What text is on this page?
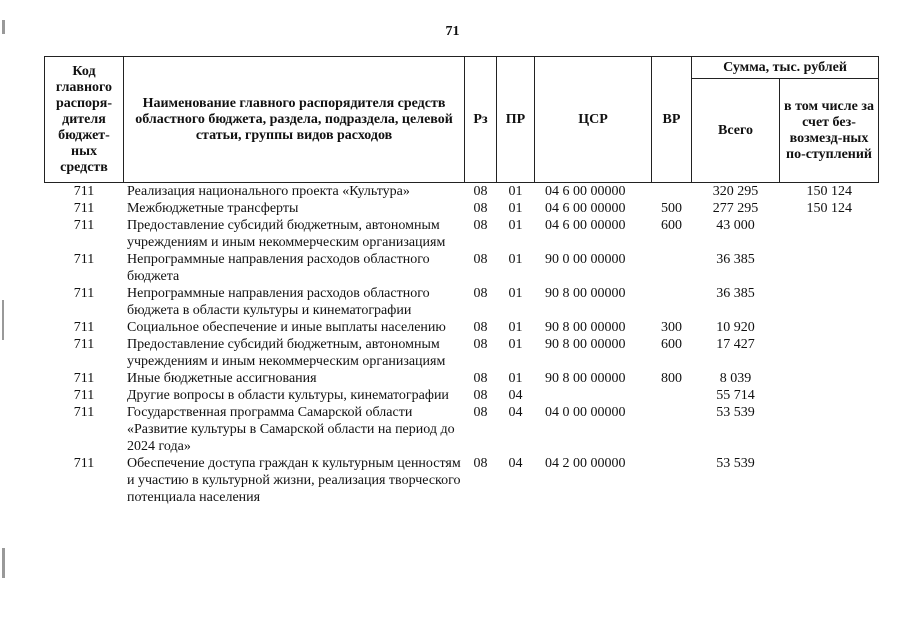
71
Код главного распоря-дителя бюджет-ных средств	Наименование главного распорядителя средств областного бюджета, раздела, подраздела, целевой статьи, группы видов расходов	Рз	ПР	ЦСР	ВР	Сумма, тыс. рублей	
						Всего	в том числе за счет без-возмезд-ных по-ступлений
711	Реализация национального проекта «Культура»	08	01	04 6 00 00000		320 295	150 124
711	Межбюджетные трансферты	08	01	04 6 00 00000	500	277 295	150 124
711	Предоставление субсидий бюджетным, автономным учреждениям и иным некоммерческим организациям	08	01	04 6 00 00000	600	43 000	
711	Непрограммные направления расходов областного бюджета	08	01	90 0 00 00000		36 385	
711	Непрограммные направления расходов областного бюджета в области культуры и кинематографии	08	01	90 8 00 00000		36 385	
711	Социальное обеспечение и иные выплаты населению	08	01	90 8 00 00000	300	10 920	
711	Предоставление субсидий бюджетным, автономным учреждениям и иным некоммерческим организациям	08	01	90 8 00 00000	600	17 427	
711	Иные бюджетные ассигнования	08	01	90 8 00 00000	800	8 039	
711	Другие вопросы в области культуры, кинематографии	08	04			55 714	
711	Государственная программа Самарской области «Развитие культуры в Самарской области на период до 2024 года»	08	04	04 0 00 00000		53 539	
711	Обеспечение доступа граждан к культурным ценностям и участию в культурной жизни, реализация творческого потенциала населения	08	04	04 2 00 00000		53 539	
